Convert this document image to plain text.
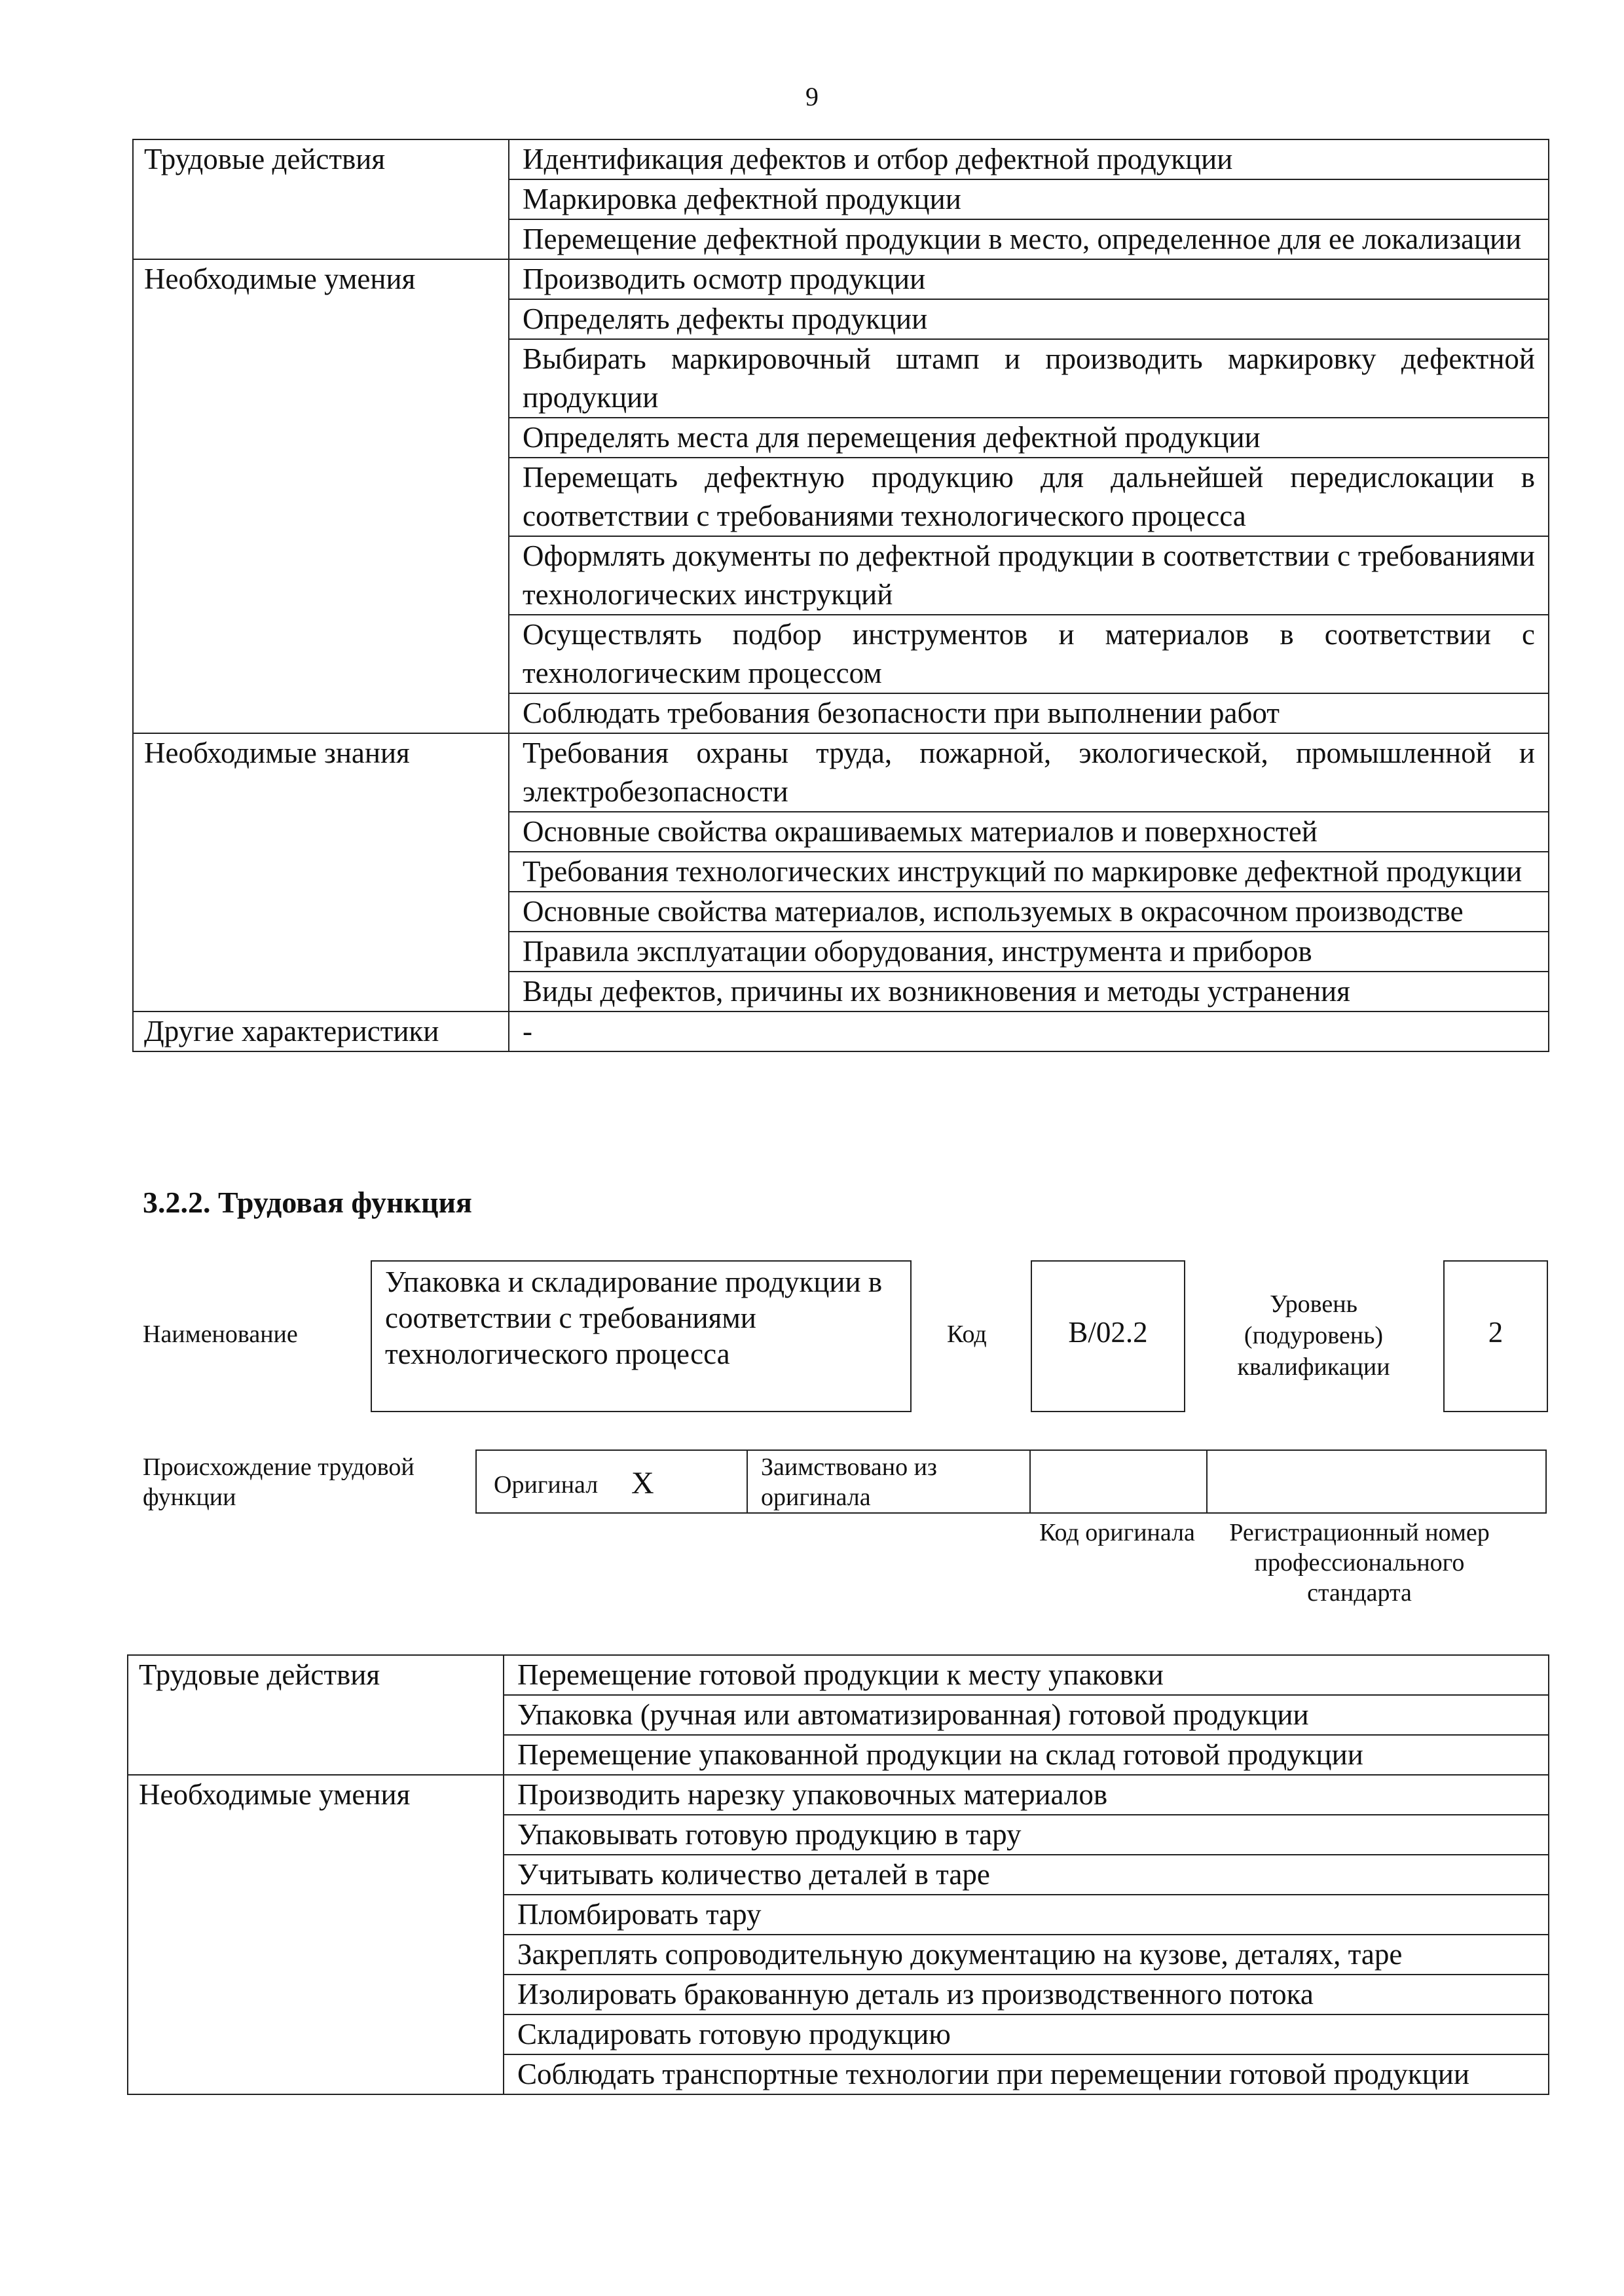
9
Трудовые действия	Идентификация дефектов и отбор дефектной продукции
	Маркировка дефектной продукции
	Перемещение дефектной продукции в место, определенное для ее локализации
Необходимые умения	Производить осмотр продукции
	Определять дефекты продукции
	Выбирать маркировочный штамп и производить маркировку дефектной продукции
	Определять места для перемещения дефектной продукции
	Перемещать дефектную продукцию для дальнейшей передислокации в соответствии с требованиями технологического процесса
	Оформлять документы по дефектной продукции в соответствии с требованиями технологических инструкций
	Осуществлять подбор инструментов и материалов в соответствии с технологическим процессом
	Соблюдать требования безопасности при выполнении работ
Необходимые знания	Требования охраны труда, пожарной, экологической, промышленной и электробезопасности
	Основные свойства окрашиваемых материалов и поверхностей
	Требования технологических инструкций по маркировке дефектной продукции
	Основные свойства материалов, используемых в окрасочном производстве
	Правила эксплуатации оборудования, инструмента и приборов
	Виды дефектов, причины их возникновения и методы устранения
Другие характеристики	-
3.2.2. Трудовая функция
Наименование
Упаковка и складирование продукции в соответствии с требованиями технологического процесса
Код	B/02.2
Уровень (подуровень) квалификации
2
Происхождение трудовой функции	Оригинал X	Заимствовано из оригинала
Код оригинала	Регистрационный номер профессионального стандарта
Трудовые действия	Перемещение готовой продукции к месту упаковки
	Упаковка (ручная или автоматизированная) готовой продукции
	Перемещение упакованной продукции на склад готовой продукции
Необходимые умения	Производить нарезку упаковочных материалов
	Упаковывать готовую продукцию в тару
	Учитывать количество деталей в таре
	Пломбировать тару
	Закреплять сопроводительную документацию на кузове, деталях, таре
	Изолировать бракованную деталь из производственного потока
	Складировать готовую продукцию
	Соблюдать транспортные технологии при перемещении готовой продукции
